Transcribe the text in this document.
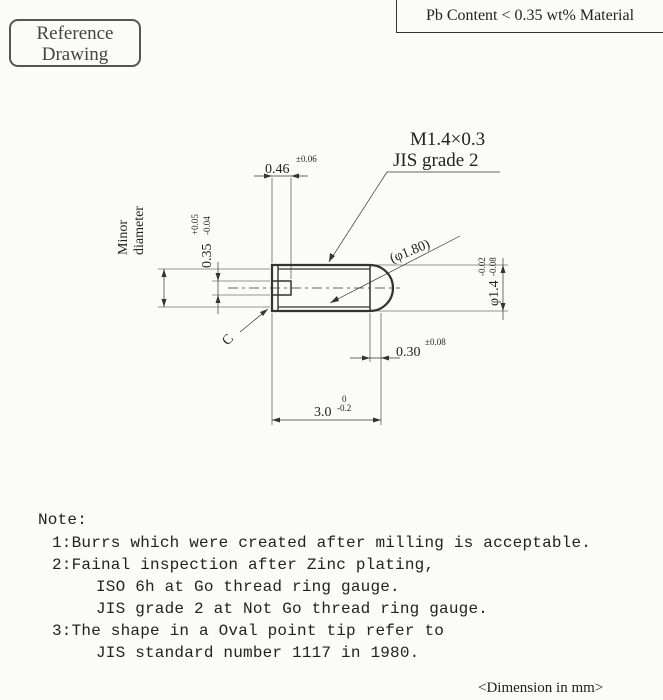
Reference
Drawing
Pb Content < 0.35 wt% Material
M1.4×0.3
JIS grade 2
0.46
±0.06
0.35
+0.05 -0.04
Minor diameter	(φ1.80)
φ1.4
-0.02 -0.08
C
0.30
±0.08
3.0
0
-0.2
Note:
1:Burrs which were created after milling is acceptable.
2:Fainal inspection after Zinc plating,
ISO 6h at Go thread ring gauge.
JIS grade 2 at Not Go thread ring gauge.
3:The shape in a Oval point tip refer to
JIS standard number 1117 in 1980.
<Dimension in mm>
